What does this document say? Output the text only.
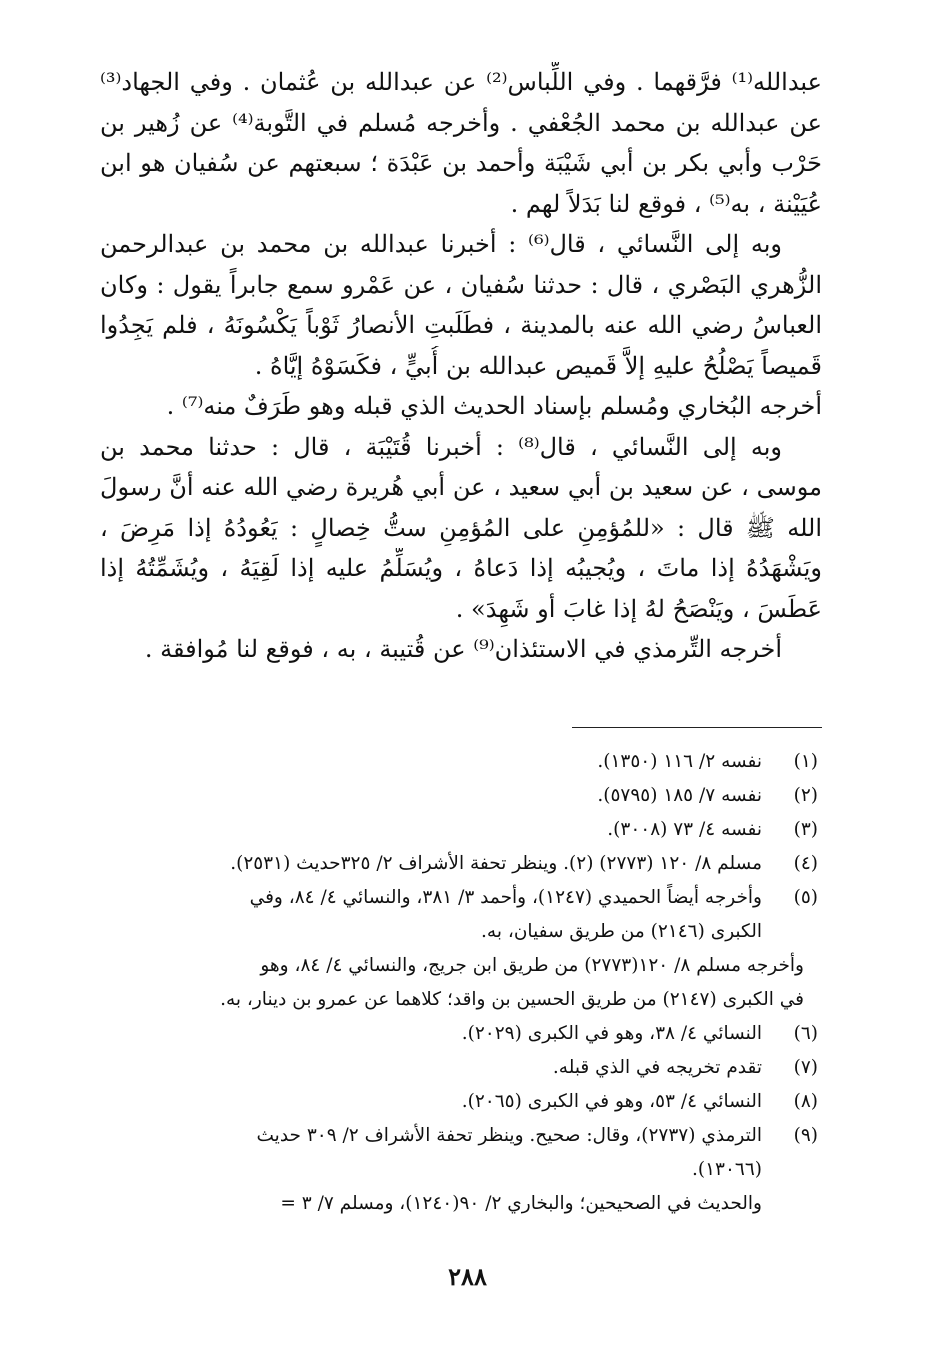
عبدالله⁽¹⁾ فرَّقهما . وفي اللِّباس⁽²⁾ عن عبدالله بن عُثمان . وفي الجهاد⁽³⁾
عن عبدالله بن محمد الجُعْفي . وأخرجه مُسلم في التَّوبة⁽⁴⁾ عن زُهير بن
حَرْب وأبي بكر بن أبي شَيْبَة وأحمد بن عَبْدَة ؛ سبعتهم عن سُفيان هو ابن
عُيَيْنة ، به⁽⁵⁾ ، فوقع لنا بَدَلاً لهم .
وبه إلى النَّسائي ، قال⁽⁶⁾ : أخبرنا عبدالله بن محمد بن عبدالرحمن
الزُّهري البَصْري ، قال : حدثنا سُفيان ، عن عَمْرو سمع جابراً يقول : وكان
العباسُ رضي الله عنه بالمدينة ، فطَلَبتِ الأنصارُ ثَوْباً يَكْسُونَهُ ، فلم يَجِدُوا
قَميصاً يَصْلُحُ عليهِ إلاَّ قَميص عبدالله بن أُبيٍّ ، فكَسَوْهُ إيَّاهُ .
أخرجه البُخاري ومُسلم بإسناد الحديث الذي قبله وهو طَرَفٌ منه⁽⁷⁾ .
وبه إلى النَّسائي ، قال⁽⁸⁾ : أخبرنا قُتَيْبَة ، قال : حدثنا محمد بن
موسى ، عن سعيد بن أبي سعيد ، عن أبي هُريرة رضي الله عنه أنَّ رسولَ
الله ﷺ قال : «للمُؤمِنِ على المُؤمِنِ ستُّ خِصالٍ : يَعُودُهُ إذا مَرِضَ ،
ويَشْهَدُهُ إذا ماتَ ، ويُجيبُه إذا دَعاهُ ، ويُسَلِّمُ عليه إذا لَقِيَهُ ، ويُشَمِّتُهُ إذا
عَطَسَ ، ويَنْصَحُ لهُ إذا غابَ أو شَهِدَ» .
أخرجه التِّرمذي في الاستئذان⁽⁹⁾ عن قُتيبة ، به ، فوقع لنا مُوافقة .
(١)نفسه ٢/ ١١٦ (١٣٥٠).
(٢)نفسه ٧/ ١٨٥ (٥٧٩٥).
(٣)نفسه ٤/ ٧٣ (٣٠٠٨).
(٤)مسلم ٨/ ١٢٠ (٢٧٧٣) (٢). وينظر تحفة الأشراف ٢/ ٣٢٥حديث (٢٥٣١).
(٥)وأخرجه أيضاً الحميدي (١٢٤٧)، وأحمد ٣/ ٣٨١، والنسائي ٤/ ٨٤، وفي
الكبرى (٢١٤٦) من طريق سفيان، به.
وأخرجه مسلم ٨/ ١٢٠(٢٧٧٣) من طريق ابن جريج، والنسائي ٤/ ٨٤، وهو
في الكبرى (٢١٤٧) من طريق الحسين بن واقد؛ كلاهما عن عمرو بن دينار، به.
(٦)النسائي ٤/ ٣٨، وهو في الكبرى (٢٠٢٩).
(٧)تقدم تخريجه في الذي قبله.
(٨)النسائي ٤/ ٥٣، وهو في الكبرى (٢٠٦٥).
(٩)الترمذي (٢٧٣٧)، وقال: صحيح. وينظر تحفة الأشراف ٢/ ٣٠٩ حديث
(١٣٠٦٦).
والحديث في الصحيحين؛ والبخاري ٢/ ٩٠(١٢٤٠)، ومسلم ٧/ ٣ =
٢٨٨
